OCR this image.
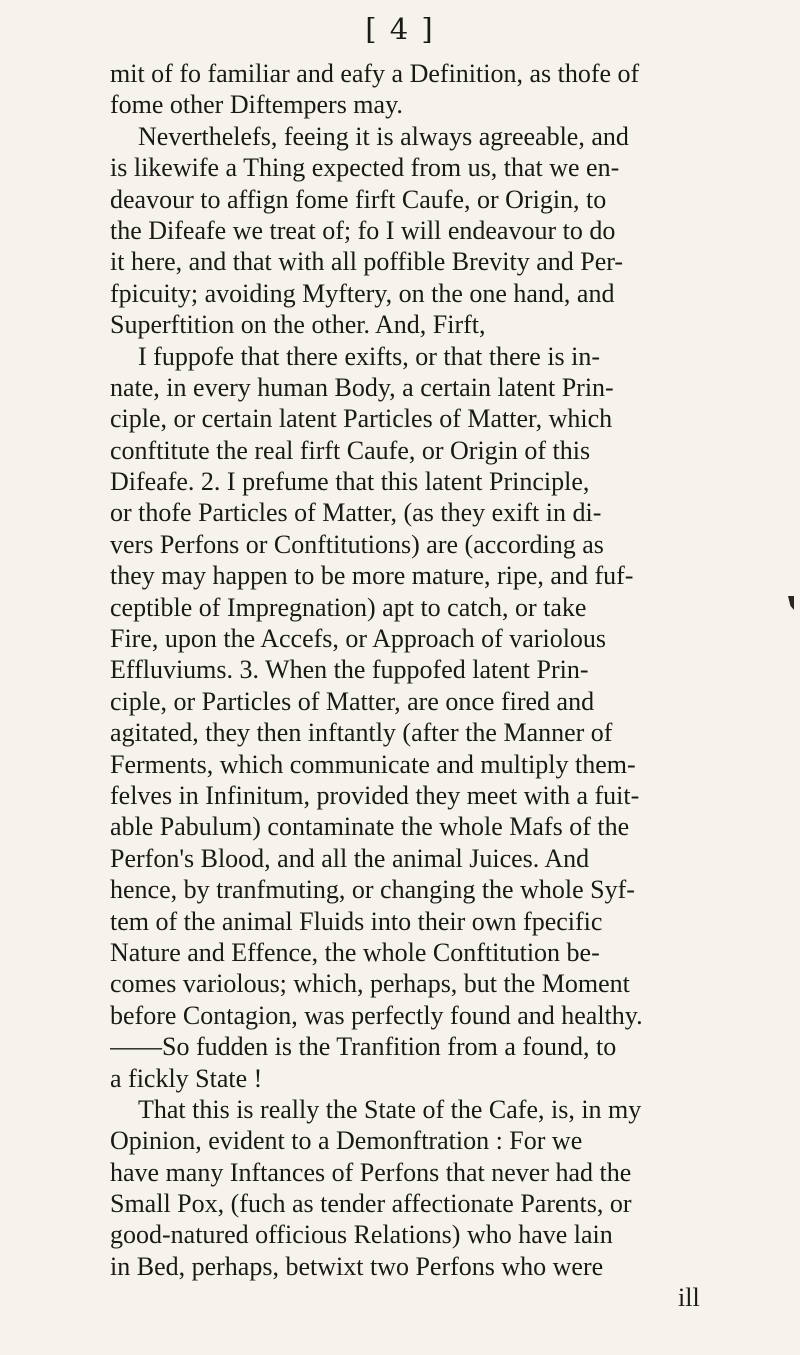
[ 4 ]
mit of fo familiar and eafy a Definition, as thofe of
fome other Diftempers may.
Neverthelefs, feeing it is always agreeable, and
is likewife a Thing expected from us, that we en-
deavour to affign fome firft Caufe, or Origin, to
the Difeafe we treat of; fo I will endeavour to do
it here, and that with all poffible Brevity and Per-
fpicuity; avoiding Myftery, on the one hand, and
Superftition on the other. And, Firft,
I fuppofe that there exifts, or that there is in-
nate, in every human Body, a certain latent Prin-
ciple, or certain latent Particles of Matter, which
conftitute the real firft Caufe, or Origin of this
Difeafe. 2. I prefume that this latent Principle,
or thofe Particles of Matter, (as they exift in di-
vers Perfons or Conftitutions) are (according as
they may happen to be more mature, ripe, and fuf-
ceptible of Impregnation) apt to catch, or take
Fire, upon the Accefs, or Approach of variolous
Effluviums. 3. When the fuppofed latent Prin-
ciple, or Particles of Matter, are once fired and
agitated, they then inftantly (after the Manner of
Ferments, which communicate and multiply them-
felves in Infinitum, provided they meet with a fuit-
able Pabulum) contaminate the whole Mafs of the
Perfon's Blood, and all the animal Juices. And
hence, by tranfmuting, or changing the whole Syf-
tem of the animal Fluids into their own fpecific
Nature and Effence, the whole Conftitution be-
comes variolous; which, perhaps, but the Moment
before Contagion, was perfectly found and healthy.
——So fudden is the Tranfition from a found, to
a fickly State !
That this is really the State of the Cafe, is, in my
Opinion, evident to a Demonftration : For we
have many Inftances of Perfons that never had the
Small Pox, (fuch as tender affectionate Parents, or
good-natured officious Relations) who have lain
in Bed, perhaps, betwixt two Perfons who were
ill
